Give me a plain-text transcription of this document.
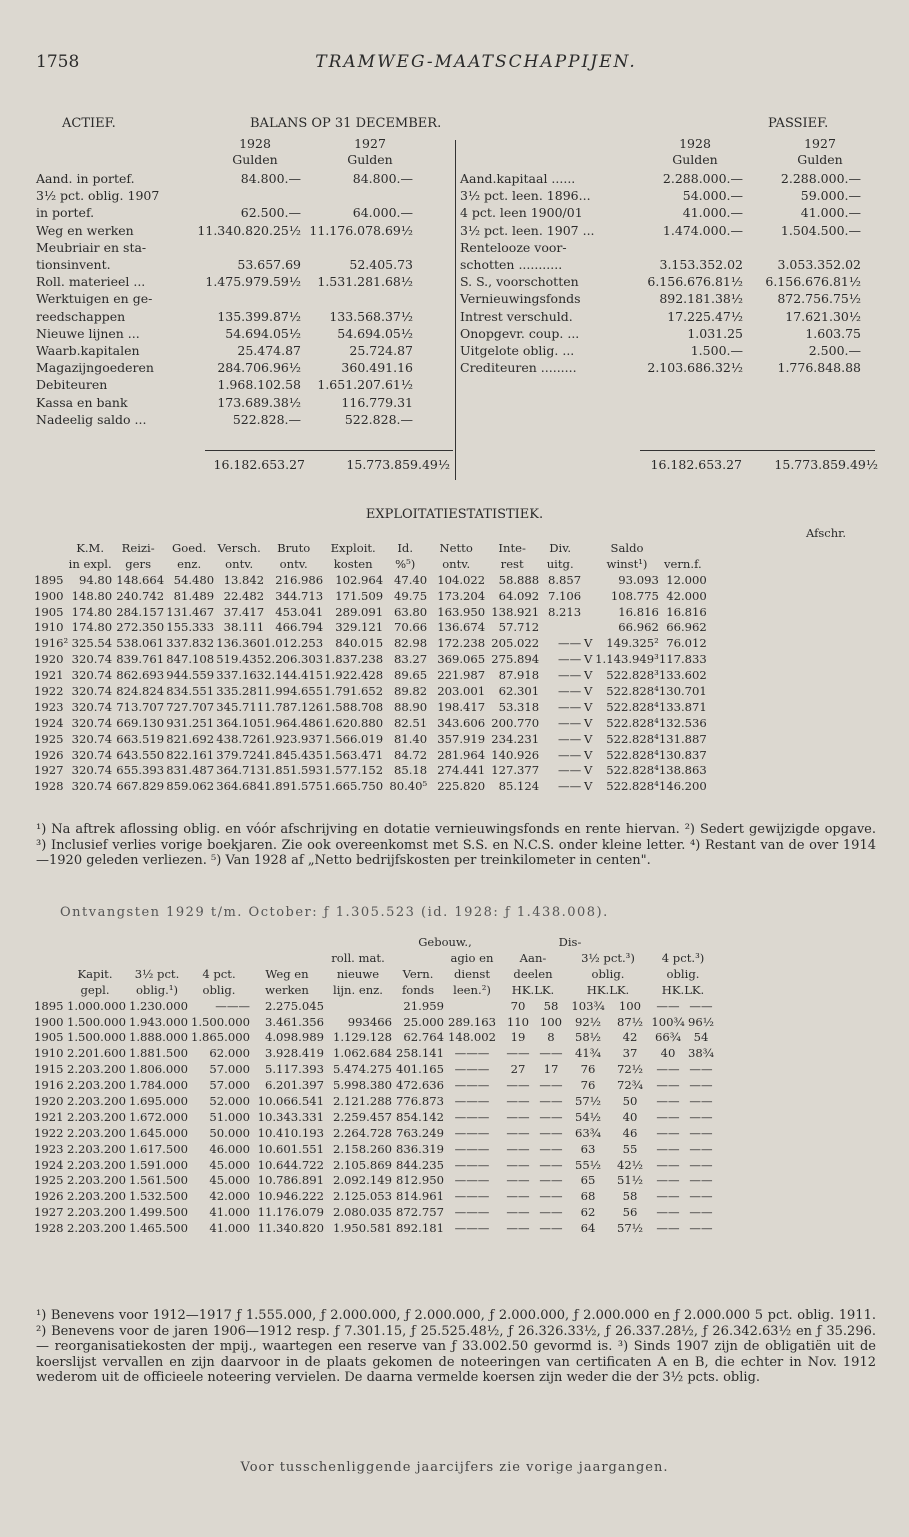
1758	TRAMWEG-MAATSCHAPPIJEN.
ACTIEF.	BALANS OP 31 DECEMBER.	PASSIEF.
1928	1927
Gulden	Gulden
1928	1927
Gulden	Gulden
Aand. in portef.	84.800.—	84.800.—
3½ pct. oblig. 1907		
in portef.	62.500.—	64.000.—
Weg en werken	11.340.820.25½	11.176.078.69½
Meubriair en sta-		
tionsinvent.	53.657.69	52.405.73
Roll. materieel ...	1.475.979.59½	1.531.281.68½
Werktuigen en ge-		
reedschappen	135.399.87½	133.568.37½
Nieuwe lijnen ...	54.694.05½	54.694.05½
Waarb.kapitalen	25.474.87	25.724.87
Magazijngoederen	284.706.96½	360.491.16
Debiteuren	1.968.102.58	1.651.207.61½
Kassa en bank	173.689.38½	116.779.31
Nadeelig saldo ...	522.828.—	522.828.—
Aand.kapitaal ......	2.288.000.—	2.288.000.—
3½ pct. leen. 1896...	54.000.—	59.000.—
4 pct. leen 1900/01	41.000.—	41.000.—
3½ pct. leen. 1907 ...	1.474.000.—	1.504.500.—
Rentelooze voor-		
schotten ...........	3.153.352.02	3.053.352.02
S. S., voorschotten	6.156.676.81½	6.156.676.81½
Vernieuwingsfonds	892.181.38½	872.756.75½
Intrest verschuld.	17.225.47½	17.621.30½
Onopgevr. coup. ...	1.031.25	1.603.75
Uitgelote oblig. ...	1.500.—	2.500.—
Crediteuren .........	2.103.686.32½	1.776.848.88
16.182.653.27	15.773.859.49½	16.182.653.27	15.773.859.49½
EXPLOITATIESTATISTIEK.
Afschr.
	K.M.	Reizi-	Goed.	Versch.	Bruto	Exploit.	Id.	Netto	Inte-	Div.		Saldo	
	in expl.	gers	enz.	ontv.	ontv.	kosten	%⁵)	ontv.	rest	uitg.		winst¹)	vern.f.
1895	94.80	148.664	54.480	13.842	216.986	102.964	47.40	104.022	58.888	8.857		93.093	12.000
1900	148.80	240.742	81.489	22.482	344.713	171.509	49.75	173.204	64.092	7.106		108.775	42.000
1905	174.80	284.157	131.467	37.417	453.041	289.091	63.80	163.950	138.921	8.213		16.816	16.816
1910	174.80	272.350	155.333	38.111	466.794	329.121	70.66	136.674	57.712			66.962	66.962
1916²	325.54	538.061	337.832	136.360	1.012.253	840.015	82.98	172.238	205.022	——	V	149.325²	76.012
1920	320.74	839.761	847.108	519.435	2.206.303	1.837.238	83.27	369.065	275.894	——	V	1.143.949³	117.833
1921	320.74	862.693	944.559	337.163	2.144.415	1.922.428	89.65	221.987	87.918	——	V	522.828³	133.602
1922	320.74	824.824	834.551	335.281	1.994.655	1.791.652	89.82	203.001	62.301	——	V	522.828⁴	130.701
1923	320.74	713.707	727.707	345.711	1.787.126	1.588.708	88.90	198.417	53.318	——	V	522.828⁴	133.871
1924	320.74	669.130	931.251	364.105	1.964.486	1.620.880	82.51	343.606	200.770	——	V	522.828⁴	132.536
1925	320.74	663.519	821.692	438.726	1.923.937	1.566.019	81.40	357.919	234.231	——	V	522.828⁴	131.887
1926	320.74	643.550	822.161	379.724	1.845.435	1.563.471	84.72	281.964	140.926	——	V	522.828⁴	130.837
1927	320.74	655.393	831.487	364.713	1.851.593	1.577.152	85.18	274.441	127.377	——	V	522.828⁴	138.863
1928	320.74	667.829	859.062	364.684	1.891.575	1.665.750	80.40⁵	225.820	85.124	——	V	522.828⁴	146.200
¹) Na aftrek aflossing oblig. en vóór afschrijving en dotatie vernieuwingsfonds en rente hiervan. ²) Sedert gewijzigde opgave. ³) Inclusief verlies vorige boekjaren. Zie ook overeenkomst met S.S. en N.C.S. onder kleine letter. ⁴) Restant van de over 1914—1920 geleden verliezen. ⁵) Van 1928 af „Netto bedrijfskosten per treinkilometer in centen".
Ontvangsten 1929 t/m. October: ƒ 1.305.523 (id. 1928: ƒ 1.438.008).
Gebouw.,	Dis-
					roll. mat.		agio en	Aan-		3½ pct.³)		4 pct.³)	
	Kapit.	3½ pct.	4 pct.	Weg en	nieuwe	Vern.	dienst	deelen		oblig.		oblig.	
	gepl.	oblig.¹)	oblig.	werken	lijn. enz.	fonds	leen.²)	HK.LK.		HK.LK.		HK.LK.	
1895	1.000.000	1.230.000	———	2.275.045		21.959		70	58	103¾	100	——	——
1900	1.500.000	1.943.000	1.500.000	3.461.356	993466	25.000	289.163	110	100	92½	87½	100¾	96½
1905	1.500.000	1.888.000	1.865.000	4.098.989	1.129.128	62.764	148.002	19	8	58½	42	66¾	54
1910	2.201.600	1.881.500	62.000	3.928.419	1.062.684	258.141	———	——	——	41¾	37	40	38¾
1915	2.203.200	1.806.000	57.000	5.117.393	5.474.275	401.165	———	27	17	76	72½	——	——
1916	2.203.200	1.784.000	57.000	6.201.397	5.998.380	472.636	———	——	——	76	72¾	——	——
1920	2.203.200	1.695.000	52.000	10.066.541	2.121.288	776.873	———	——	——	57½	50	——	——
1921	2.203.200	1.672.000	51.000	10.343.331	2.259.457	854.142	———	——	——	54½	40	——	——
1922	2.203.200	1.645.000	50.000	10.410.193	2.264.728	763.249	———	——	——	63¾	46	——	——
1923	2.203.200	1.617.500	46.000	10.601.551	2.158.260	836.319	———	——	——	63	55	——	——
1924	2.203.200	1.591.000	45.000	10.644.722	2.105.869	844.235	———	——	——	55½	42½	——	——
1925	2.203.200	1.561.500	45.000	10.786.891	2.092.149	812.950	———	——	——	65	51½	——	——
1926	2.203.200	1.532.500	42.000	10.946.222	2.125.053	814.961	———	——	——	68	58	——	——
1927	2.203.200	1.499.500	41.000	11.176.079	2.080.035	872.757	———	——	——	62	56	——	——
1928	2.203.200	1.465.500	41.000	11.340.820	1.950.581	892.181	———	——	——	64	57½	——	——
¹) Benevens voor 1912—1917 ƒ 1.555.000, ƒ 2.000.000, ƒ 2.000.000, ƒ 2.000.000, ƒ 2.000.000 en ƒ 2.000.000 5 pct. oblig. 1911. ²) Benevens voor de jaren 1906—1912 resp. ƒ 7.301.15, ƒ 25.525.48½, ƒ 26.326.33½, ƒ 26.337.28½, ƒ 26.342.63½ en ƒ 35.296.— reorganisatiekosten der mpij., waartegen een reserve van ƒ 33.002.50 gevormd is. ³) Sinds 1907 zijn de obligatiën uit de koerslijst vervallen en zijn daarvoor in de plaats gekomen de noteeringen van certificaten A en B, die echter in Nov. 1912 wederom uit de officieele noteering vervielen. De daarna vermelde koersen zijn weder die der 3½ pcts. oblig.
Voor tusschenliggende jaarcijfers zie vorige jaargangen.
